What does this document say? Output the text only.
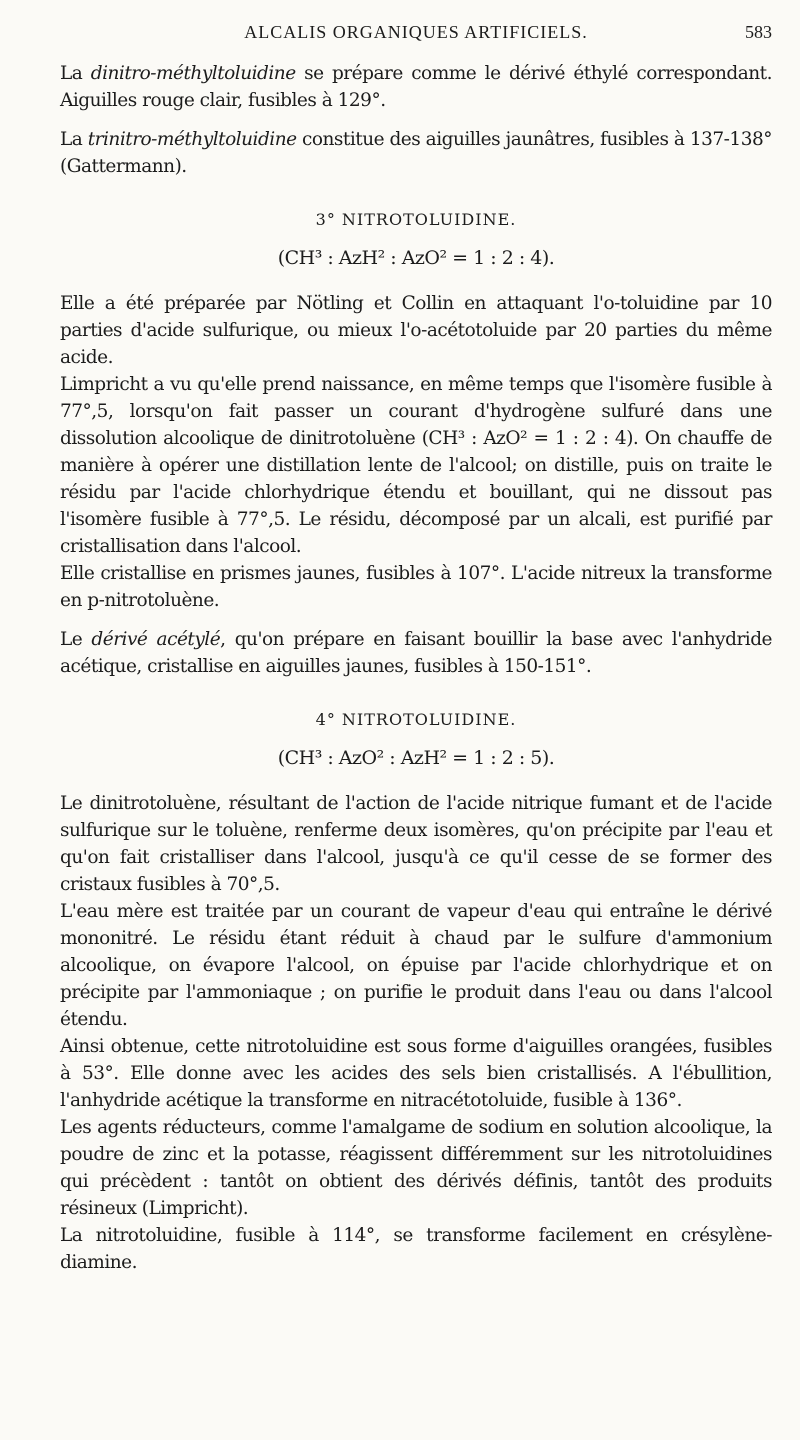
ALCALIS ORGANIQUES ARTIFICIELS.	583

La dinitro-méthyltoluidine se prépare comme le dérivé éthylé correspondant. Aiguilles rouge clair, fusibles à 129°.

La trinitro-méthyltoluidine constitue des aiguilles jaunâtres, fusibles à 137-138° (Gattermann).

3° NITROTOLUIDINE.

(CH³ : AzH² : AzO² = 1 : 2 : 4).

Elle a été préparée par Nötling et Collin en attaquant l'o-toluidine par 10 parties d'acide sulfurique, ou mieux l'o-acétotoluide par 20 parties du même acide.

Limpricht a vu qu'elle prend naissance, en même temps que l'isomère fusible à 77°,5, lorsqu'on fait passer un courant d'hydrogène sulfuré dans une dissolution alcoolique de dinitrotoluène (CH³ : AzO² = 1 : 2 : 4). On chauffe de manière à opérer une distillation lente de l'alcool; on distille, puis on traite le résidu par l'acide chlorhydrique étendu et bouillant, qui ne dissout pas l'isomère fusible à 77°,5. Le résidu, décomposé par un alcali, est purifié par cristallisation dans l'alcool.

Elle cristallise en prismes jaunes, fusibles à 107°. L'acide nitreux la transforme en p-nitrotoluène.

Le dérivé acétylé, qu'on prépare en faisant bouillir la base avec l'anhydride acétique, cristallise en aiguilles jaunes, fusibles à 150-151°.

4° NITROTOLUIDINE.

(CH³ : AzO² : AzH² = 1 : 2 : 5).

Le dinitrotoluène, résultant de l'action de l'acide nitrique fumant et de l'acide sulfurique sur le toluène, renferme deux isomères, qu'on précipite par l'eau et qu'on fait cristalliser dans l'alcool, jusqu'à ce qu'il cesse de se former des cristaux fusibles à 70°,5.

L'eau mère est traitée par un courant de vapeur d'eau qui entraîne le dérivé mononitré. Le résidu étant réduit à chaud par le sulfure d'ammonium alcoolique, on évapore l'alcool, on épuise par l'acide chlorhydrique et on précipite par l'ammoniaque ; on purifie le produit dans l'eau ou dans l'alcool étendu.

Ainsi obtenue, cette nitrotoluidine est sous forme d'aiguilles orangées, fusibles à 53°. Elle donne avec les acides des sels bien cristallisés. A l'ébullition, l'anhydride acétique la transforme en nitracétotoluide, fusible à 136°.

Les agents réducteurs, comme l'amalgame de sodium en solution alcoolique, la poudre de zinc et la potasse, réagissent différemment sur les nitrotoluidines qui précèdent : tantôt on obtient des dérivés définis, tantôt des produits résineux (Limpricht).

La nitrotoluidine, fusible à 114°, se transforme facilement en crésylène-diamine.
